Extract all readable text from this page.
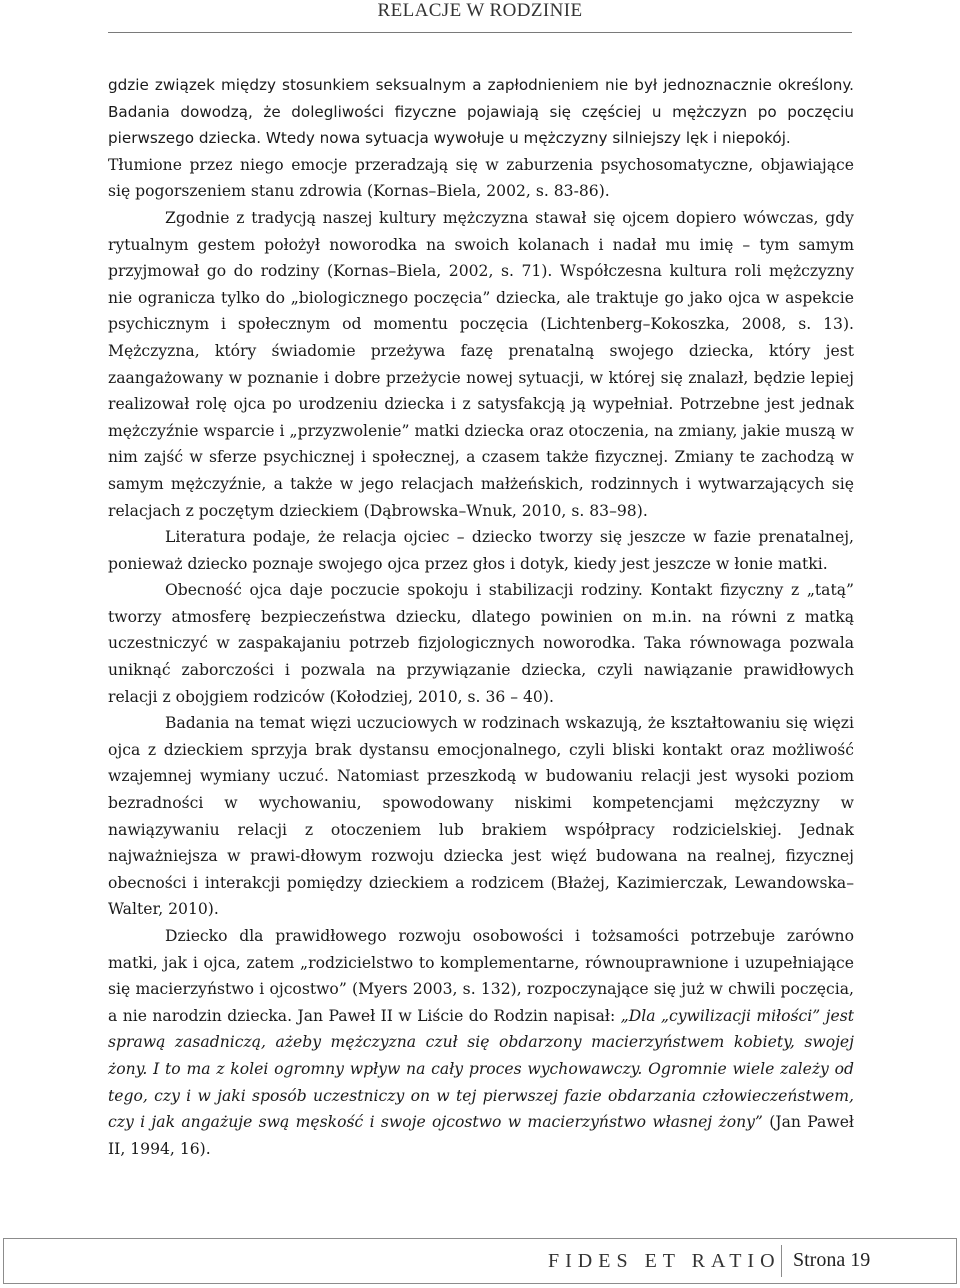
RELACJE W RODZINIE

gdzie związek między stosunkiem seksualnym a zapłodnieniem nie był jednoznacznie określony. Badania dowodzą, że dolegliwości fizyczne pojawiają się częściej u mężczyzn po poczęciu pierwszego dziecka. Wtedy nowa sytuacja wywołuje u mężczyzny silniejszy lęk i niepokój.

Tłumione przez niego emocje przeradzają się w zaburzenia psychosomatyczne, objawiające się pogorszeniem stanu zdrowia (Kornas–Biela, 2002, s. 83-86).

Zgodnie z tradycją naszej kultury mężczyzna stawał się ojcem dopiero wówczas, gdy rytualnym gestem położył noworodka na swoich kolanach i nadał mu imię – tym samym przyjmował go do rodziny (Kornas–Biela, 2002, s. 71). Współczesna kultura roli mężczyzny nie ogranicza tylko do „biologicznego poczęcia” dziecka, ale traktuje go jako ojca w aspekcie psychicznym i społecznym od momentu poczęcia (Lichtenberg–Kokoszka, 2008, s. 13). Mężczyzna, który świadomie przeżywa fazę prenatalną swojego dziecka, który jest zaangażowany w poznanie i dobre przeżycie nowej sytuacji, w której się znalazł, będzie lepiej realizował rolę ojca po urodzeniu dziecka i z satysfakcją ją wypełniał. Potrzebne jest jednak mężczyźnie wsparcie i „przyzwolenie” matki dziecka oraz otoczenia, na zmiany, jakie muszą w nim zajść w sferze psychicznej i społecznej, a czasem także fizycznej. Zmiany te zachodzą w samym mężczyźnie, a także w jego relacjach małżeńskich, rodzinnych i wytwarzających się relacjach z poczętym dzieckiem (Dąbrowska–Wnuk, 2010, s. 83–98).

Literatura podaje, że relacja ojciec – dziecko tworzy się jeszcze w fazie prenatalnej, ponieważ dziecko poznaje swojego ojca przez głos i dotyk, kiedy jest jeszcze w łonie matki.

Obecność ojca daje poczucie spokoju i stabilizacji rodziny. Kontakt fizyczny z „tatą” tworzy atmosferę bezpieczeństwa dziecku, dlatego powinien on m.in. na równi z matką uczestniczyć w zaspakajaniu potrzeb fizjologicznych noworodka. Taka równowaga pozwala uniknąć zaborczości i pozwala na przywiązanie dziecka, czyli nawiązanie prawidłowych relacji z obojgiem rodziców (Kołodziej, 2010, s. 36 – 40).

Badania na temat więzi uczuciowych w rodzinach wskazują, że kształtowaniu się więzi ojca z dzieckiem sprzyja brak dystansu emocjonalnego, czyli bliski kontakt oraz możliwość wzajemnej wymiany uczuć. Natomiast przeszkodą w budowaniu relacji jest wysoki poziom bezradności w wychowaniu, spowodowany niskimi kompetencjami mężczyzny w nawiązywaniu relacji z otoczeniem lub brakiem współpracy rodzicielskiej. Jednak najważniejsza w prawi-dłowym rozwoju dziecka jest więź budowana na realnej, fizycznej obecności i interakcji pomiędzy dzieckiem a rodzicem (Błażej, Kazimierczak, Lewandowska–Walter, 2010).

Dziecko dla prawidłowego rozwoju osobowości i tożsamości potrzebuje zarówno matki, jak i ojca, zatem „rodzicielstwo to komplementarne, równouprawnione i uzupełniające się macierzyństwo i ojcostwo” (Myers 2003, s. 132), rozpoczynające się już w chwili poczęcia, a nie narodzin dziecka. Jan Paweł II w Liście do Rodzin napisał: „Dla „cywilizacji miłości” jest sprawą zasadniczą, ażeby mężczyzna czuł się obdarzony macierzyństwem kobiety, swojej żony. I to ma z kolei ogromny wpływ na cały proces wychowawczy. Ogromnie wiele zależy od tego, czy i w jaki sposób uczestniczy on w tej pierwszej fazie obdarzania człowieczeństwem, czy i jak angażuje swą męskość i swoje ojcostwo w macierzyństwo własnej żony” (Jan Paweł II, 1994, 16).

FIDES ET RATIO Strona 19
